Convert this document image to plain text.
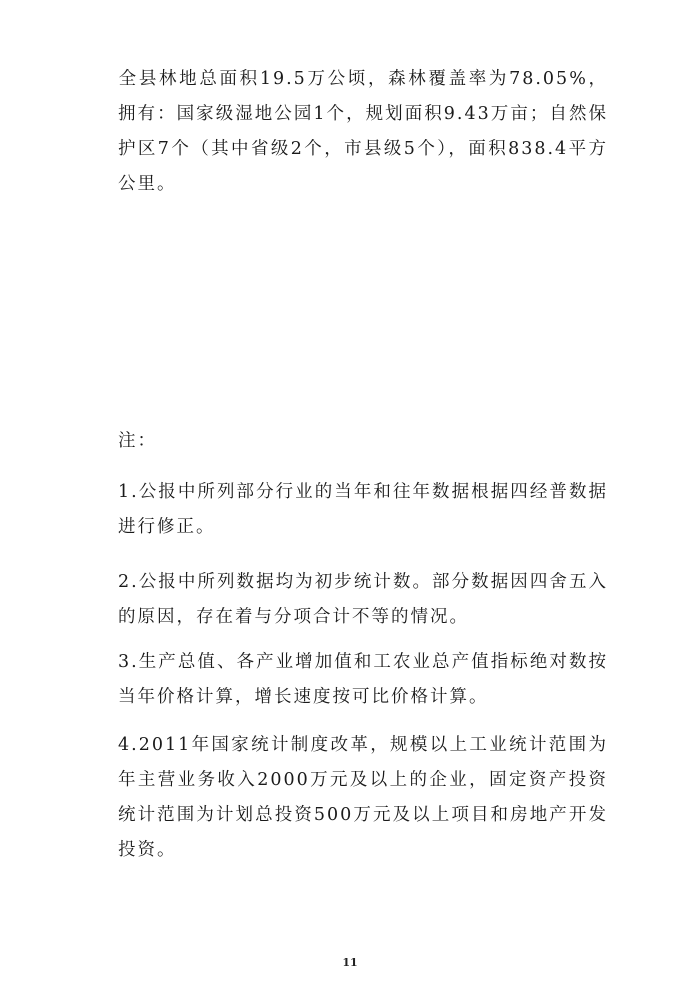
全县林地总面积19.5万公顷，森林覆盖率为78.05%，拥有：国家级湿地公园1个，规划面积9.43万亩；自然保护区7个（其中省级2个，市县级5个），面积838.4平方公里。

注：

1.公报中所列部分行业的当年和往年数据根据四经普数据进行修正。

2.公报中所列数据均为初步统计数。部分数据因四舍五入的原因，存在着与分项合计不等的情况。

3.生产总值、各产业增加值和工农业总产值指标绝对数按当年价格计算，增长速度按可比价格计算。

4.2011年国家统计制度改革，规模以上工业统计范围为年主营业务收入2000万元及以上的企业，固定资产投资统计范围为计划总投资500万元及以上项目和房地产开发投资。

11
